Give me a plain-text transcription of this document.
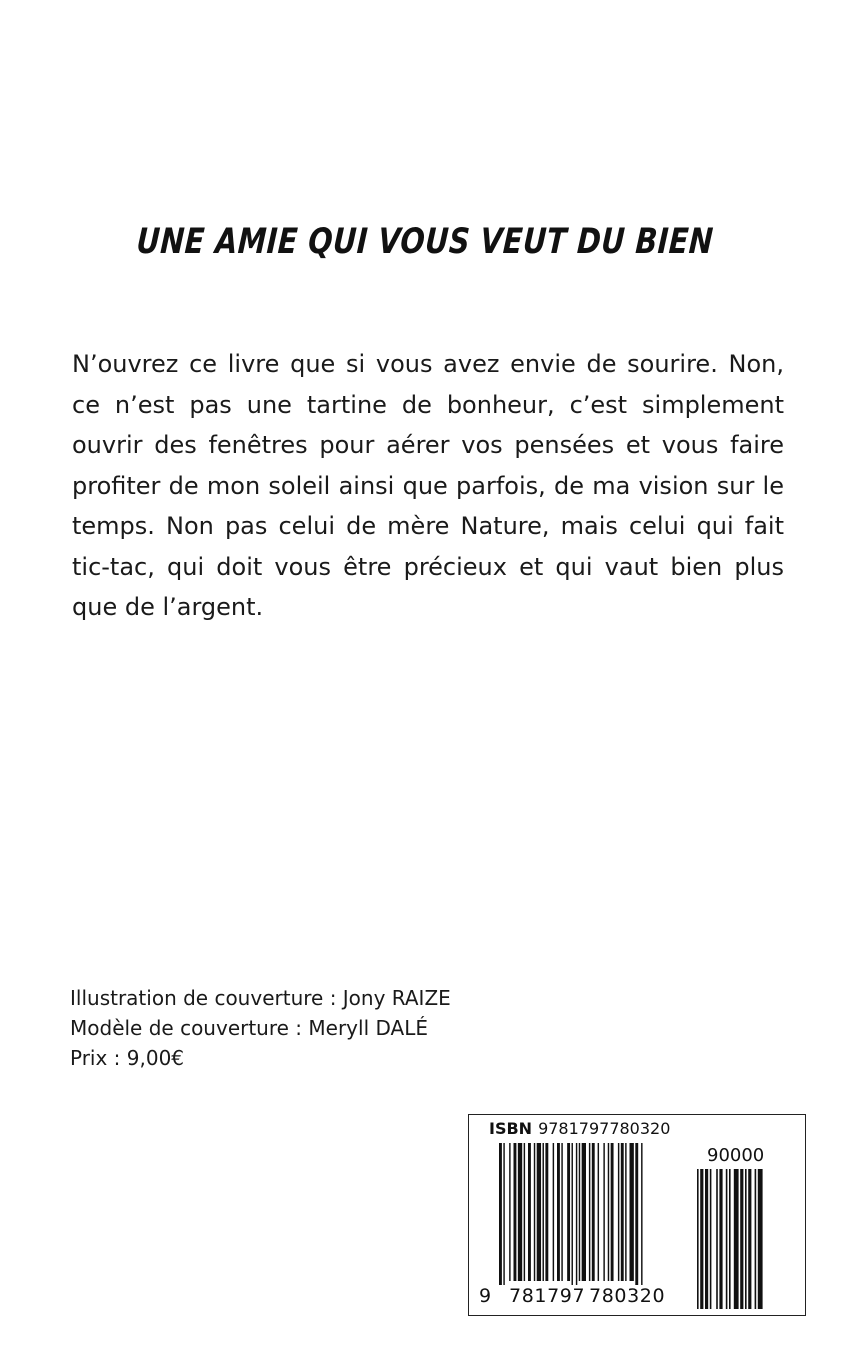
UNE AMIE QUI VOUS VEUT DU BIEN

N’ouvrez ce livre que si vous avez envie de sourire. Non, ce n’est pas une tartine de bonheur, c’est simplement ouvrir des fenêtres pour aérer vos pensées et vous faire profiter de mon soleil ainsi que parfois, de ma vision sur le temps. Non pas celui de mère Nature, mais celui qui fait tic-tac, qui doit vous être précieux et qui vaut bien plus que de l’argent.

Illustration de couverture : Jony RAIZE
Modèle de couverture : Meryll DALÉ
Prix : 9,00€
ISBN 9781797780320
90000
9 781797 780320
